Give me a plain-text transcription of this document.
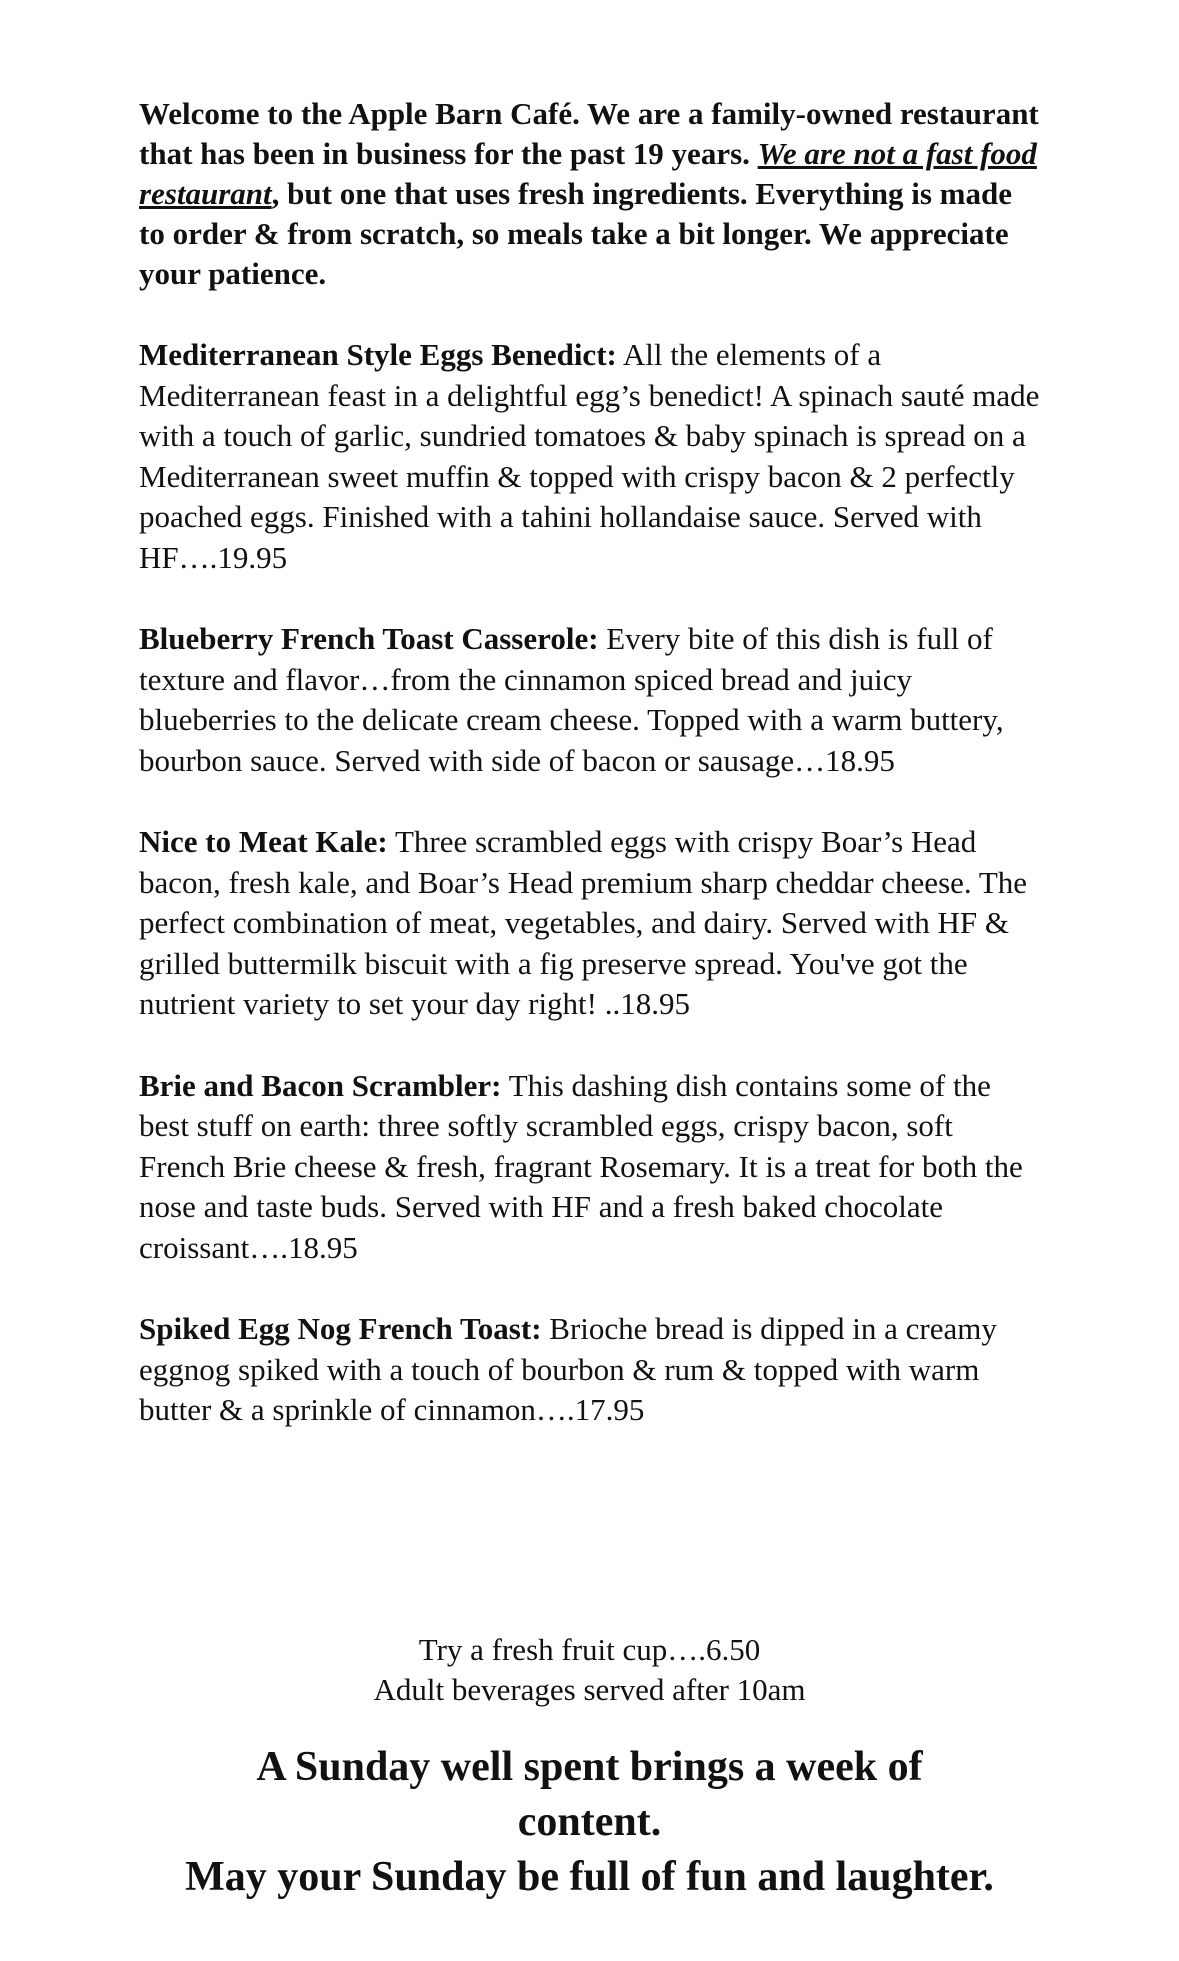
Welcome to the Apple Barn Café. We are a family-owned restaurant that has been in business for the past 19 years. We are not a fast food restaurant, but one that uses fresh ingredients. Everything is made to order & from scratch, so meals take a bit longer. We appreciate your patience.

Mediterranean Style Eggs Benedict: All the elements of a Mediterranean feast in a delightful egg’s benedict! A spinach sauté made with a touch of garlic, sundried tomatoes & baby spinach is spread on a Mediterranean sweet muffin & topped with crispy bacon & 2 perfectly poached eggs. Finished with a tahini hollandaise sauce. Served with HF….19.95

Blueberry French Toast Casserole: Every bite of this dish is full of texture and flavor…from the cinnamon spiced bread and juicy blueberries to the delicate cream cheese. Topped with a warm buttery, bourbon sauce. Served with side of bacon or sausage…18.95

Nice to Meat Kale: Three scrambled eggs with crispy Boar’s Head bacon, fresh kale, and Boar’s Head premium sharp cheddar cheese. The perfect combination of meat, vegetables, and dairy. Served with HF & grilled buttermilk biscuit with a fig preserve spread. You've got the nutrient variety to set your day right! ..18.95

Brie and Bacon Scrambler: This dashing dish contains some of the best stuff on earth: three softly scrambled eggs, crispy bacon, soft French Brie cheese & fresh, fragrant Rosemary. It is a treat for both the nose and taste buds. Served with HF and a fresh baked chocolate croissant….18.95

Spiked Egg Nog French Toast: Brioche bread is dipped in a creamy eggnog spiked with a touch of bourbon & rum & topped with warm butter & a sprinkle of cinnamon….17.95

Try a fresh fruit cup….6.50
Adult beverages served after 10am
A Sunday well spent brings a week of content.
May your Sunday be full of fun and laughter.
